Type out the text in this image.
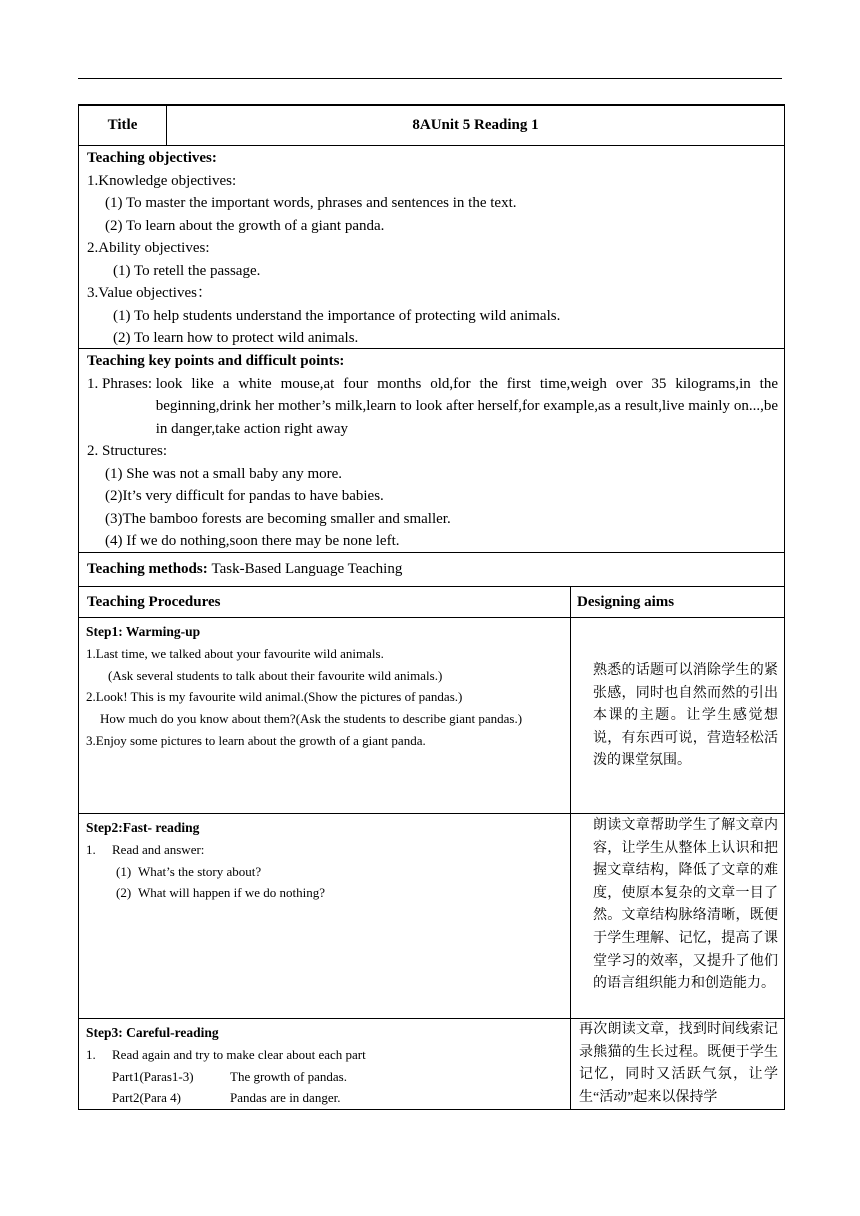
Title	8AUnit 5 Reading 1
Teaching objectives:
1.Knowledge objectives:
(1) To master the important words, phrases and sentences in the text.
(2) To learn about the growth of a giant panda.
2.Ability objectives:
(1) To retell the passage.
3.Value objectives：
(1) To help students understand the importance of protecting wild animals.
(2) To learn how to protect wild animals.
Teaching key points and difficult points:
1. Phrases: look like a white mouse,at four months old,for the first time,weigh over 35 kilograms,in the beginning,drink her mother’s milk,learn to look after herself,for example,as a result,live mainly on...,be in danger,take action right away
2. Structures:
(1) She was not a small baby any more.
(2)It’s very difficult for pandas to have babies.
(3)The bamboo forests are becoming smaller and smaller.
(4) If we do nothing,soon there may be none left.
Teaching methods: Task-Based Language Teaching
Teaching Procedures	Designing aims
Step1: Warming-up
1.Last time, we talked about your favourite wild animals.
(Ask several students to talk about their favourite wild animals.)
2.Look! This is my favourite wild animal.(Show the pictures of pandas.)
How much do you know about them?(Ask the students to describe giant pandas.)
3.Enjoy some pictures to learn about the growth of a giant panda.
熟悉的话题可以消除学生的紧张感，同时也自然而然的引出本课的主题。让学生感觉想说，有东西可说，营造轻松活泼的课堂氛围。
Step2:Fast- reading
1. Read and answer:
(1) What’s the story about?
(2) What will happen if we do nothing?
朗读文章帮助学生了解文章内容，让学生从整体上认识和把握文章结构，降低了文章的难度，使原本复杂的文章一目了然。文章结构脉络清晰，既便于学生理解、记忆，提高了课堂学习的效率，又提升了他们的语言组织能力和创造能力。
Step3: Careful-reading
1. Read again and try to make clear about each part
Part1(Paras1-3)	The growth of pandas.
Part2(Para 4)	Pandas are in danger.
再次朗读文章，找到时间线索记录熊猫的生长过程。既便于学生记忆，同时又活跃气氛，让学生“活动”起来以保持学
